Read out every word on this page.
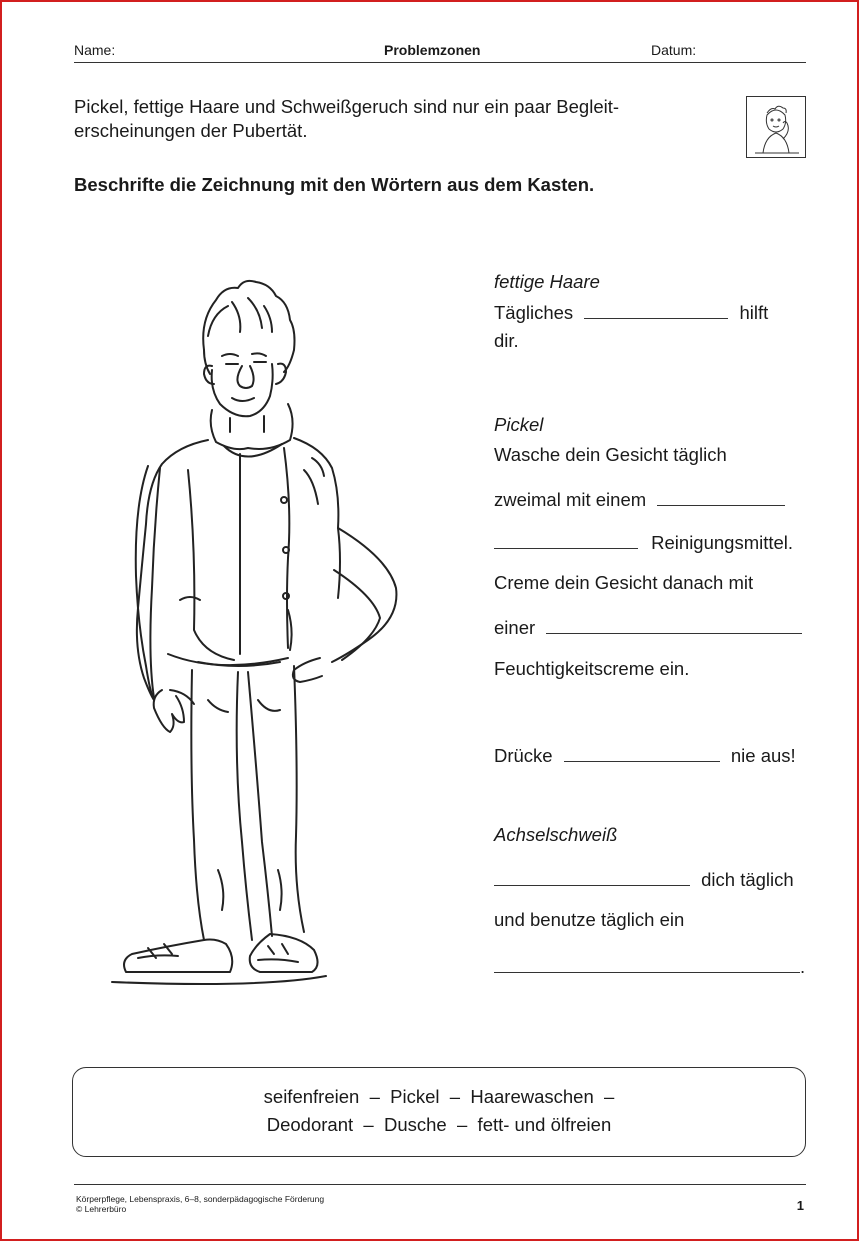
Name:	Problemzonen	Datum:
Pickel, fettige Haare und Schweißgeruch sind nur ein paar Begleit-
erscheinungen der Pubertät.
Beschrifte die Zeichnung mit den Wörtern aus dem Kasten.
fettige Haare
Tägliches	hilft
dir.
Pickel
Wasche dein Gesicht täglich
zweimal mit einem
Reinigungsmittel.
Creme dein Gesicht danach mit
einer
Feuchtigkeitscreme ein.
Drücke	nie aus!
Achselschweiß
dich täglich
und benutze täglich ein
.
seifenfreien  –  Pickel  –  Haarewaschen  –
Deodorant  –  Dusche  –  fett- und ölfreien
Körperpflege, Lebenspraxis, 6–8, sonderpädagogische Förderung
© Lehrerbüro	1
